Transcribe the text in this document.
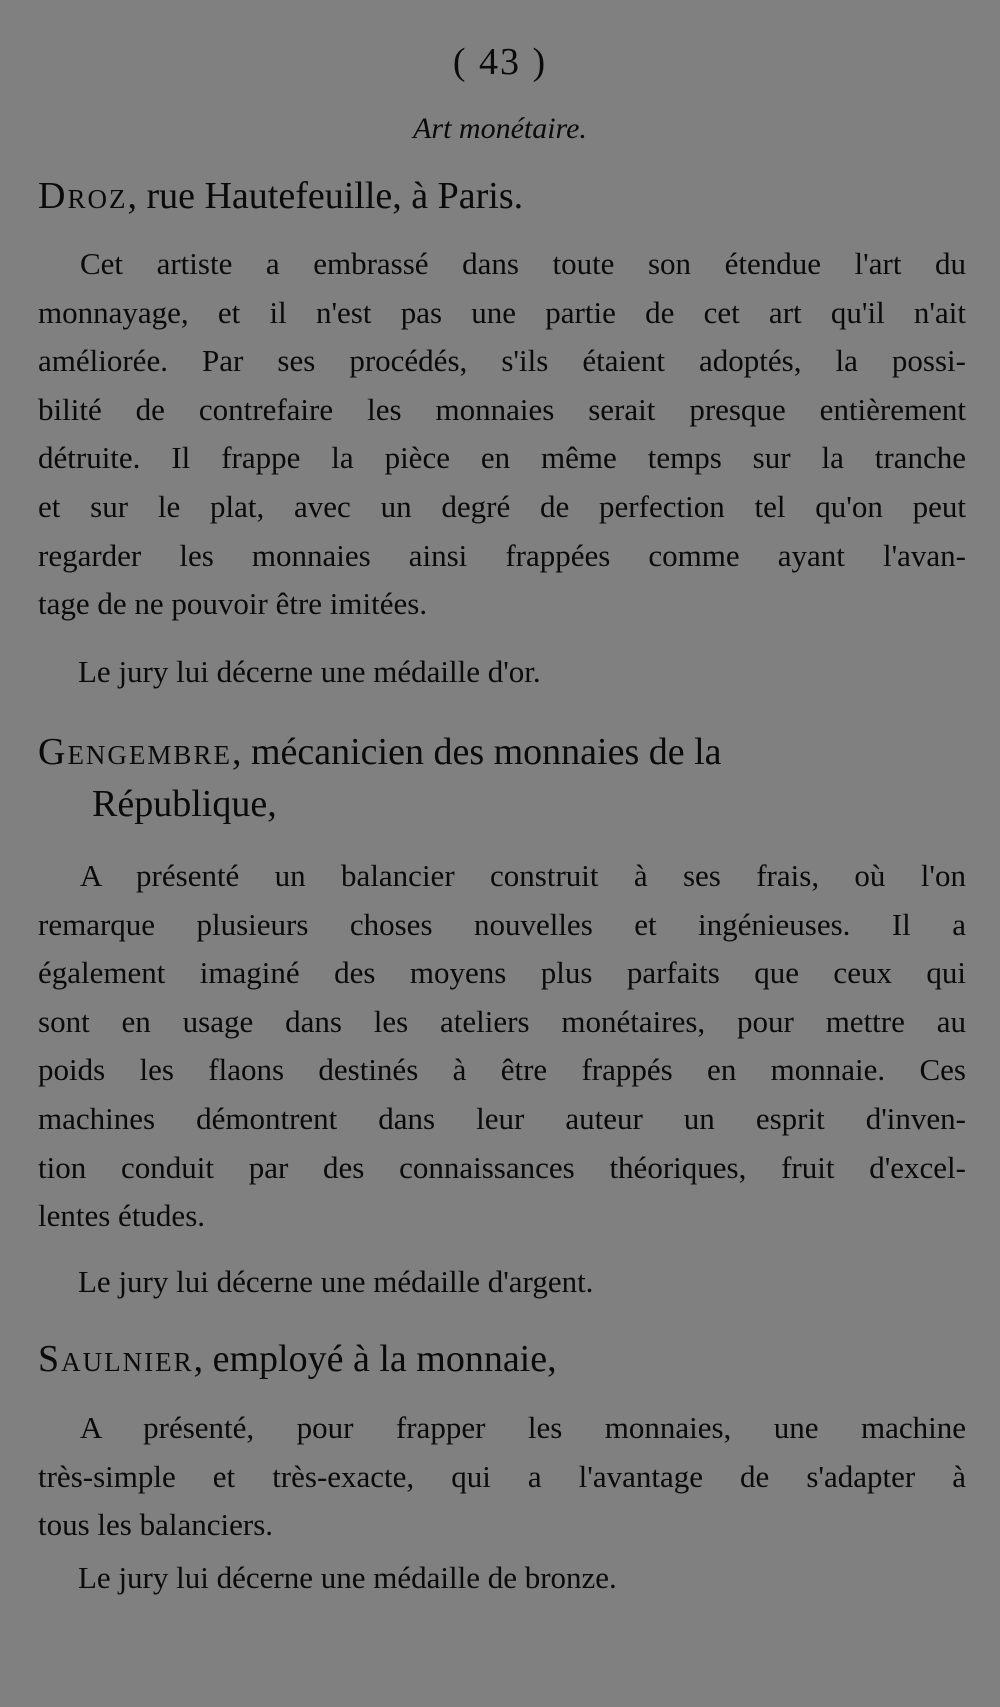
( 43 )
Art monétaire.
Droz, rue Hautefeuille, à Paris.
Cet artiste a embrassé dans toute son étendue l'art du
monnayage, et il n'est pas une partie de cet art qu'il n'ait
améliorée. Par ses procédés, s'ils étaient adoptés, la possi-
bilité de contrefaire les monnaies serait presque entièrement
détruite. Il frappe la pièce en même temps sur la tranche
et sur le plat, avec un degré de perfection tel qu'on peut
regarder les monnaies ainsi frappées comme ayant l'avan-
tage de ne pouvoir être imitées.
Le jury lui décerne une médaille d'or.
Gengembre, mécanicien des monnaies de la
République,
A présenté un balancier construit à ses frais, où l'on
remarque plusieurs choses nouvelles et ingénieuses. Il a
également imaginé des moyens plus parfaits que ceux qui
sont en usage dans les ateliers monétaires, pour mettre au
poids les flaons destinés à être frappés en monnaie. Ces
machines démontrent dans leur auteur un esprit d'inven-
tion conduit par des connaissances théoriques, fruit d'excel-
lentes études.
Le jury lui décerne une médaille d'argent.
Saulnier, employé à la monnaie,
A présenté, pour frapper les monnaies, une machine
très-simple et très-exacte, qui a l'avantage de s'adapter à
tous les balanciers.
Le jury lui décerne une médaille de bronze.
